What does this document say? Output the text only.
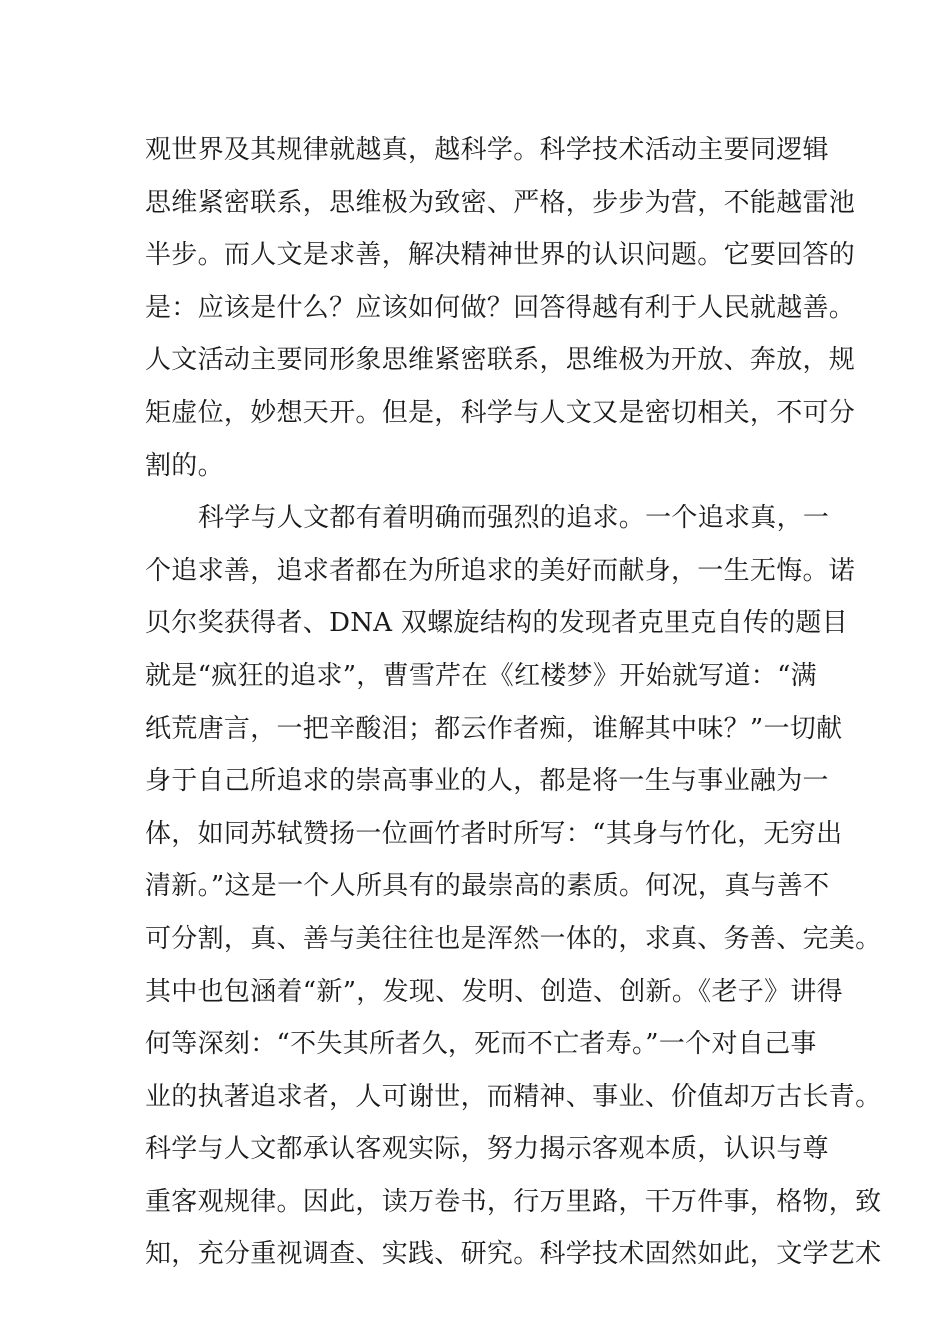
观世界及其规律就越真，越科学。科学技术活动主要同逻辑
思维紧密联系，思维极为致密、严格，步步为营，不能越雷池
半步。而人文是求善，解决精神世界的认识问题。它要回答的
是：应该是什么？应该如何做？回答得越有利于人民就越善。
人文活动主要同形象思维紧密联系，思维极为开放、奔放，规
矩虚位，妙想天开。但是，科学与人文又是密切相关，不可分
割的。
科学与人文都有着明确而强烈的追求。一个追求真，一
个追求善，追求者都在为所追求的美好而献身，一生无悔。诺
贝尔奖获得者、DNA 双螺旋结构的发现者克里克自传的题目
就是“疯狂的追求”，曹雪芹在《红楼梦》开始就写道：“满
纸荒唐言，一把辛酸泪；都云作者痴，谁解其中味？”一切献
身于自己所追求的崇高事业的人，都是将一生与事业融为一
体，如同苏轼赞扬一位画竹者时所写：“其身与竹化，无穷出
清新。”这是一个人所具有的最崇高的素质。何况，真与善不
可分割，真、善与美往往也是浑然一体的，求真、务善、完美。
其中也包涵着“新”，发现、发明、创造、创新。《老子》讲得
何等深刻：“不失其所者久，死而不亡者寿。”一个对自己事
业的执著追求者，人可谢世，而精神、事业、价值却万古长青。
科学与人文都承认客观实际，努力揭示客观本质，认识与尊
重客观规律。因此，读万卷书，行万里路，干万件事，格物，致
知，充分重视调查、实践、研究。科学技术固然如此，文学艺术
